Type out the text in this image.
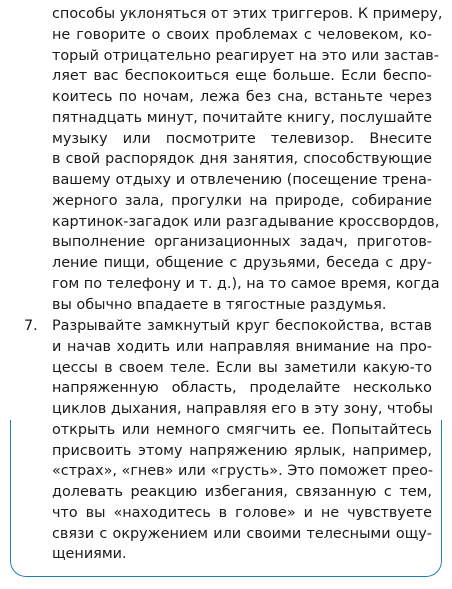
способы уклоняться от этих триггеров. К примеру,
не говорите о своих проблемах с человеком, ко-
торый отрицательно реагирует на это или застав-
ляет вас беспокоиться еще больше. Если беспо-
коитесь по ночам, лежа без сна, встаньте через
пятнадцать минут, почитайте книгу, послушайте
музыку или посмотрите телевизор. Внесите
в свой распорядок дня занятия, способствующие
вашему отдыху и отвлечению (посещение трена-
жерного зала, прогулки на природе, собирание
картинок-загадок или разгадывание кроссвордов,
выполнение организационных задач, приготов-
ление пищи, общение с друзьями, беседа с дру-
гом по телефону и т. д.), на то самое время, когда
вы обычно впадаете в тягостные раздумья.

7. Разрывайте замкнутый круг беспокойства, встав
и начав ходить или направляя внимание на про-
цессы в своем теле. Если вы заметили какую-то
напряженную область, проделайте несколько
циклов дыхания, направляя его в эту зону, чтобы
открыть или немного смягчить ее. Попытайтесь
присвоить этому напряжению ярлык, например,
«страх», «гнев» или «грусть». Это поможет прео-
долевать реакцию избегания, связанную с тем,
что вы «находитесь в голове» и не чувствуете
связи с окружением или своими телесными ощу-
щениями.
